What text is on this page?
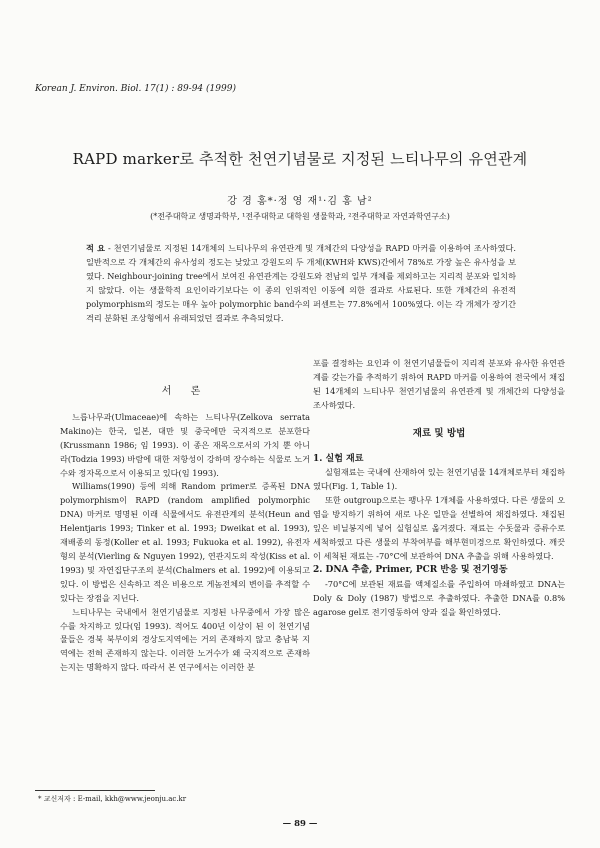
Korean J. Environ. Biol. 17(1) : 89-94 (1999)
RAPD marker로 추적한 천연기념물로 지정된 느티나무의 유연관계
강 경 홍*·정 영 재¹·김 홍 남²
(*전주대학교 생명과학부, ¹전주대학교 대학원 생물학과, ²전주대학교 자연과학연구소)

적 요 - 천연기념물로 지정된 14개체의 느티나무의 유연관계 및 개체간의 다양성을 RAPD 마커를 이용하여 조사하였다. 일반적으로 각 개체간의 유사성의 정도는 낮았고 강원도의 두 개체(KWH와 KWS)간에서 78%로 가장 높은 유사성을 보였다. Neighbour-joining tree에서 보여진 유연관계는 강원도와 전남의 일부 개체를 제외하고는 지리적 분포와 일치하지 않았다. 이는 생물학적 요인이라기보다는 이 종의 인위적인 이동에 의한 결과로 사료된다. 또한 개체간의 유전적 polymorphism의 정도는 매우 높아 polymorphic band수의 퍼센트는 77.8%에서 100%였다. 이는 각 개체가 장기간 격리 분화된 조상형에서 유래되었던 결과로 추측되었다.

서 론

느릅나무과(Ulmaceae)에 속하는 느티나무(Zelkova serrata Makino)는 한국, 일본, 대만 및 중국에만 국지적으로 분포한다(Krussmann 1986; 임 1993). 이 종은 재목으로서의 가치 뿐 아니라(Todzia 1993) 바람에 대한 저항성이 강하며 장수하는 식물로 노거수와 정자목으로서 이용되고 있다(임 1993).

Williams(1990) 등에 의해 Random primer로 증폭된 DNA polymorphism이 RAPD (random amplified polymorphic DNA) 마커로 명명된 이래 식물에서도 유전관계의 분석(Heun and Helentjaris 1993; Tinker et al. 1993; Dweikat et al. 1993), 재배종의 동정(Koller et al. 1993; Fukuoka et al. 1992), 유전자형의 분석(Vierling & Nguyen 1992), 연관지도의 작성(Kiss et al. 1993) 및 자연집단구조의 분석(Chalmers et al. 1992)에 이용되고 있다. 이 방법은 신속하고 적은 비용으로 게놈전체의 변이를 추적할 수 있다는 장점을 지닌다.

느티나무는 국내에서 천연기념물로 지정된 나무중에서 가장 많은 수를 차지하고 있다(임 1993). 적어도 400년 이상이 된 이 천연기념물들은 경북 북부이외 경상도지역에는 거의 존재하지 않고 충남북 지역에는 전혀 존재하지 않는다. 이러한 노거수가 왜 국지적으로 존재하는지는 명확하지 않다. 따라서 본 연구에서는 이러한 분

포를 결정하는 요인과 이 천연기념물들이 지리적 분포와 유사한 유연관계를 갖는가를 추적하기 위하여 RAPD 마커를 이용하여 전국에서 채집된 14개체의 느티나무 천연기념물의 유연관계 및 개체간의 다양성을 조사하였다.

재료 및 방법

1. 실험 재료

실험재료는 국내에 산재하여 있는 천연기념물 14개체로부터 채집하였다(Fig. 1, Table 1).

또한 outgroup으로는 팽나무 1개체를 사용하였다. 다른 생물의 오염을 방지하기 위하여 새로 나온 일만을 선별하여 채집하였다. 채집된 잎은 비닐봉지에 넣어 실험실로 옮겨졌다. 재료는 수돗물과 증류수로 세척하였고 다른 생물의 부착여부를 해부현미경으로 확인하였다. 깨끗이 세척된 재료는 -70°C에 보관하여 DNA 추출을 위해 사용하였다.

2. DNA 추출, Primer, PCR 반응 및 전기영동

-70°C에 보관된 재료를 액체질소를 주입하여 마쇄하였고 DNA는 Doly & Doly (1987) 방법으로 추출하였다. 추출한 DNA를 0.8% agarose gel로 전기영동하여 양과 질을 확인하였다.

* 교신저자 : E-mail, kkh@www.jeonju.ac.kr
— 89 —
